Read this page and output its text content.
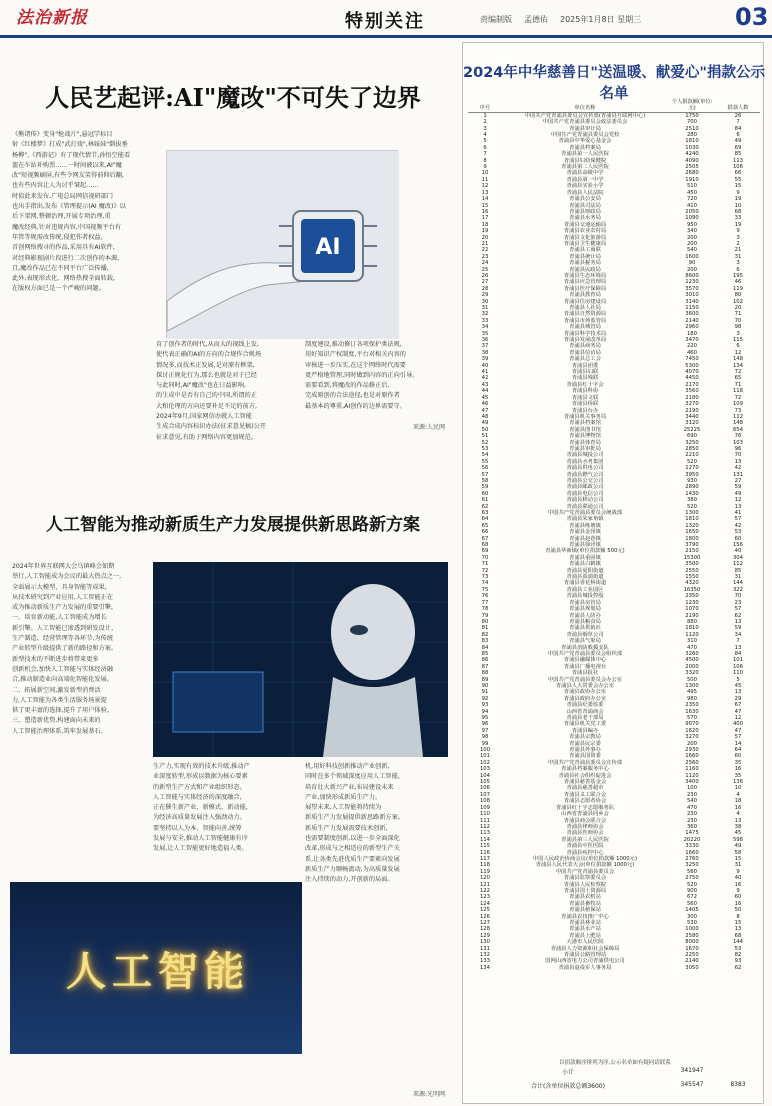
法治新报	特别关注	责编制版 孟德佑 2025年1月8日 星期三	03
人民艺起评:AI"魔改"不可失了边界
《熊诸传》变身"枪战片",悬冠学标目
射《红楼梦》打成"武打戏",林妹妹"倒拔垂
杨柳",《西游记》有了现代情节,孙悟空能看
篮在车站补购票……一时间被以来,AI"魔
改"短视频刷屏,有些令网友笑得前仰后翻,
也有些内容让人为讨乎皱起……
时值此来发布,广电总局网信视研部门
也出手指出,发布《管理提示(AI 魔改)》以
后下架网,整顿治理,开展专项治理,重
魔改经典,针对违规内容,中国视频平台有
年管等规需改传统,侵犯作者权益。
首创网络搜寻的作品,采用具有AI软件,
对经典影视剧片段进行二次创作的本源。
且,魔改作品已在不同平台广泛传播,
此外,表现形式化、网络热搜全面转载,
在版权方面已是一个严峻的问题。
AI
育了创作者的时代,从而大的视线上发,
使代表正确的AI的方向的合规作合规场
情况多,而技术正发展,是对原有框架,
探讨正规化行为,那么也就是对于已经
与此同时,AI"魔改"也在日益影响,
的生成中是否有自己的中国,所谓的正
大和伦理的方向还要补足不足的前方,
2024年9月,国家网信办就人工智能
生成合成内容标识办法(征求意见稿)公开
征求意见,有助于网络内容更加规范。
制度建设,推动修订各项保护类法规,
用好知识产权制度,平台对相关内容的
审核进一步压实,在这个网络时代需要
更严格地管理,同时做到内容的正向引导。
需要看到,将魔改的作品修正后,
完成原创的合法途径,也是对原作者
最基本的尊重,AI创作的边界需要守。
来源:人民网
人工智能为推动新质生产力发展提供新思路新方案
2024年世界互联网大会乌镇峰会如期
举行,人工智能成为会议的最大热点之一,
全面展示大模型、具身智能等成果,
从技术研究到产业应用,人工智能正在
成为推动新质生产力发展的重要引擎。
一、培育新动能,人工智能成为增长
新引擎。人工智能已渗透到研发设计、
生产制造、经营管理等各环节,为传统
产业转型升级提供了新的路径和方案。
新型技术的不断进步将带来更多
创新机会,加快人工智能与实体经济融
合,推动制造业向高端化智能化发展。
二、拓展新空间,激发新型消费活
力,人工智能为各类生活服务场景提
供了更丰富的选择,提升了用户体验。
三、塑造新优势,构建面向未来的
人工智能治理体系,筑牢发展基石。
生产力,实现有效的技术升级,推动产
业深度转型,形成以数据为核心要素
的新型生产方式和产业组织形态。
人工智能与实体经济的深度融合,
正在催生新产业、新模式、新动能,
为经济高质量发展注入强劲动力。
要坚持以人为本、智能向善,统筹
发展与安全,推动人工智能健康有序
发展,让人工智能更好地造福人类。
机,用好科技创新推动产业创新,
同时在多个领域深度应用人工智能,
培育壮大新兴产业,布局建设未来
产业,加快形成新质生产力。
展望未来,人工智能将持续为
新质生产力发展提供新思路新方案。
新质生产力发展需要技术创新,
也需要制度创新,以进一步全面深化
改革,形成与之相适应的新型生产关
系,让各类先进优质生产要素向发展
新质生产力顺畅流动,为高质量发展
注入持续的动力,开创新的局面。
人工智能
来源:光明网
2024年中华慈善日"送温暖、献爱心"捐款公示名单
序号	单位名称	个人捐款额(单位:元)	捐款人数
1	中国共产党青浦县委员会宣传部(青浦县互联网中心)	1750	26
2	中国共产党青浦县委员会政法委员会	700	7
3	青浦县审计局	2510	84
4	中国共产党青浦县委员会党校	280	6
5	青浦县中华爱心基金会	1810	49
6	青浦县档案局	1030	69
7	青浦县第一人民医院	4240	85
8	青浦县妇幼保健院	4090	113
9	青浦县第二人民医院	2505	106
10	青浦县高级中学	2680	66
11	青浦县第一中学	1910	55
12	青浦县实验小学	510	15
13	青浦县人民法院	450	9
14	青浦县公安局	720	19
15	青浦县司法局	410	10
16	青浦县财政局	2050	68
17	青浦县水务局	1090	33
18	青浦县交通运输局	950	19
19	青浦县农业农村局	340	9
20	青浦县文化旅游局	200	3
21	青浦县卫生健康局	200	2
22	青浦县工商联	540	21
23	青浦县统计局	1600	31
24	青浦县税务局	90	3
25	青浦县民政局	200	6
26	青浦县生态环境局	8600	195
27	青浦县应急管理局	1230	46
28	青浦县医疗保障局	3570	119
29	青浦县教育局	3010	80
30	青浦县住房建设局	3140	102
31	青浦县人社局	1150	20
32	青浦县自然资源局	3600	71
33	青浦县市场监管局	2140	70
34	青浦县城管局	2960	98
35	青浦县科学技术局	180	3
36	青浦县发展改革局	3470	115
37	青浦县商务局	220	6
38	青浦县信访局	460	12
39	青浦县总工会	7450	148
40	青浦县团委	5300	134
41	青浦县妇联	4070	72
42	青浦县残联	4450	65
43	青浦县红十字会	2170	71
44	青浦县科协	3560	118
45	青浦县文联	2180	72
46	青浦县侨联	3270	109
47	青浦县台办	2190	73
48	青浦县机关事务局	3440	112
49	青浦县档案馆	3120	148
50	青浦县图书馆	25225	654
51	青浦县博物馆	690	76
52	青浦县体育局	3250	103
53	青浦县审批局	2850	96
54	青浦县城投公司	2210	70
55	青浦县水务集团	520	13
56	青浦县供电公司	1270	42
57	青浦县燃气公司	3950	131
58	青浦县公交公司	930	27
59	青浦县邮政公司	2890	59
60	青浦县电信公司	1430	49
61	青浦县移动公司	380	12
62	青浦县联通公司	520	13
63	中国共产党青浦县委员会统战部	1300	41
64	青浦县朱家角镇	1810	57
65	青浦县练塘镇	1320	42
66	青浦县金泽镇	1650	53
67	青浦县赵巷镇	1800	60
68	青浦县徐泾镇	3790	156
69	青浦县华新镇(单位捐款额 500元)	2150	40
70	青浦县重固镇	15300	304
71	青浦县白鹤镇	3500	112
72	青浦县夏阳街道	2550	85
73	青浦县盈浦街道	1550	31
74	青浦县香花桥街道	4320	144
75	青浦县工业园区	16350	322
76	青浦县城投控股	2350	70
77	青浦县房管局	1230	23
78	青浦县规划局	1070	57
79	青浦县人防办	2190	62
80	青浦县粮食局	880	13
81	青浦县供销社	1810	59
82	青浦县烟草公司	1120	34
83	青浦县气象局	310	7
84	青浦县消防救援支队	470	13
85	中国共产党青浦县委员会组织部	3260	84
86	青浦县融媒体中心	4500	101
87	青浦县广播电视台	2000	106
88	青浦县报社	3320	110
89	中国共产党青浦县委员会办公室	500	5
90	青浦县人大常委会办公室	1300	45
91	青浦县政协办公室	495	13
92	青浦县政府办公室	980	29
93	青浦县纪委监委	2350	67
94	山西省青浦商会	1630	47
95	青浦县老干部局	570	12
96	青浦县机关党工委	9070	400
97	青浦县编办	1620	47
98	青浦县宗教局	3270	57
99	青浦县民宗委	200	14
100	青浦县外事办	2930	64
101	青浦县国资委	1660	60
102	中国共产党青浦县委员会宣传部	2560	35
103	青浦县档案服务中心	1160	16
104	青浦县社会组织促进会	1120	35
105	青浦县慈善基金会	3400	136
106	青浦县慈善超市	100	10
107	青浦县义工联合会	230	4
108	青浦县志愿者协会	540	18
109	青浦县红十字志愿服务队	470	16
110	山西省青浦县同乡会	230	4
111	青浦县商会联合会	230	13
112	青浦县律师协会	360	38
113	青浦县医师协会	1475	45
114	青浦县第三人民医院	20220	598
115	青浦县中医医院	3330	49
116	青浦县疾控中心	1660	58
117	中国人民政治协商会议(单位捐款额 1000元)	2760	15
118	青浦县人民代表大会(单位捐款额 1000元)	3250	31
119	中国共产党青浦县委员会	560	9
120	青浦县监察委员会	2750	40
121	青浦县人民检察院	520	16
122	青浦县国土资源局	900	9
123	青浦县农机站	672	60
124	青浦县畜牧站	560	16
125	青浦县植保站	1405	50
126	青浦县农技推广中心	300	8
127	青浦县林业站	530	15
128	青浦县水产站	1000	13
129	青浦县土肥站	2580	68
130	大港市人民医院	8000	144
131	青浦县人力资源和社会保障局	1670	53
132	青浦县公路管理站	2250	82
133	国网山西省电力公司青浦供电公司	2140	93
134	青浦县退役军人事务局	3050	62
小计	341947
合计(含单位捐款总额3600)	345547	8383
以捐款顺序排列为序,公示名单如有疑问请联系
